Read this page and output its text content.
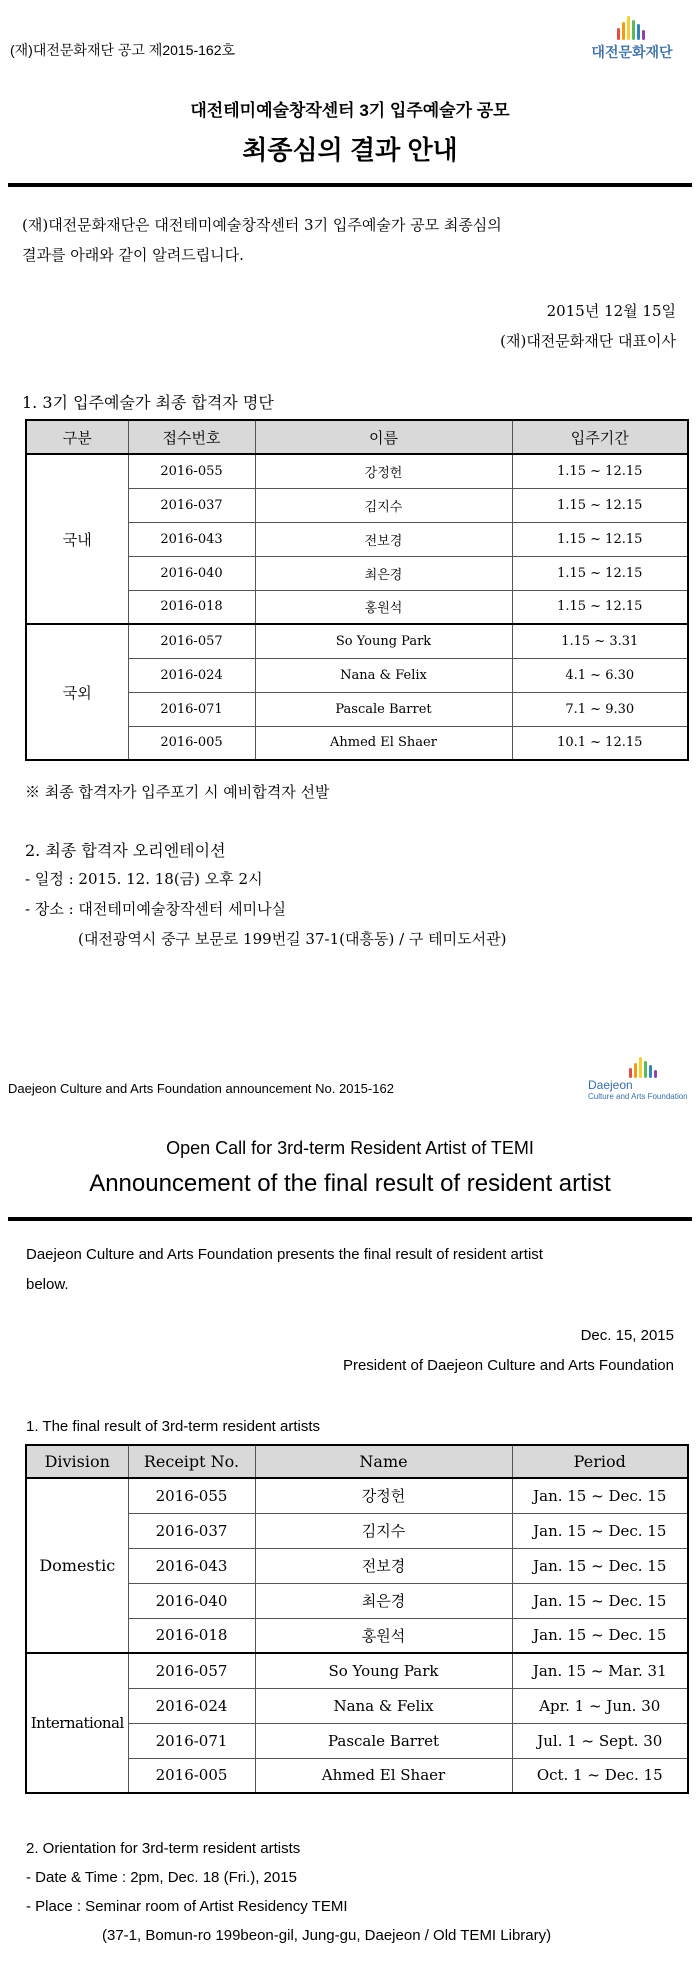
(재)대전문화재단 공고 제2015-162호	대전문화재단
대전테미예술창작센터 3기 입주예술가 공모
최종심의 결과 안내
(재)대전문화재단은 대전테미예술창작센터 3기 입주예술가 공모 최종심의
결과를 아래와 같이 알려드립니다.
2015년 12월 15일
(재)대전문화재단 대표이사
1. 3기 입주예술가 최종 합격자 명단
구분	접수번호	이름	입주기간
국내	2016-055	강정헌	1.15 ~ 12.15
	2016-037	김지수	1.15 ~ 12.15
	2016-043	전보경	1.15 ~ 12.15
	2016-040	최은경	1.15 ~ 12.15
	2016-018	홍원석	1.15 ~ 12.15
국외	2016-057	So Young Park	1.15 ~ 3.31
	2016-024	Nana & Felix	4.1 ~ 6.30
	2016-071	Pascale Barret	7.1 ~ 9.30
	2016-005	Ahmed El Shaer	10.1 ~ 12.15
※ 최종 합격자가 입주포기 시 예비합격자 선발
2. 최종 합격자 오리엔테이션
- 일정 : 2015. 12. 18(금) 오후 2시
- 장소 : 대전테미예술창작센터 세미나실
(대전광역시 중구 보문로 199번길 37-1(대흥동) / 구 테미도서관)
Daejeon Culture and Arts Foundation announcement No. 2015-162	Daejeon
Culture and Arts Foundation
Open Call for 3rd-term Resident Artist of TEMI
Announcement of the final result of resident artist
Daejeon Culture and Arts Foundation presents the final result of resident artist
below.
Dec. 15, 2015
President of Daejeon Culture and Arts Foundation
1. The final result of 3rd-term resident artists
Division	Receipt No.	Name	Period
Domestic	2016-055	강정헌	Jan. 15 ~ Dec. 15
	2016-037	김지수	Jan. 15 ~ Dec. 15
	2016-043	전보경	Jan. 15 ~ Dec. 15
	2016-040	최은경	Jan. 15 ~ Dec. 15
	2016-018	홍원석	Jan. 15 ~ Dec. 15
International	2016-057	So Young Park	Jan. 15 ~ Mar. 31
	2016-024	Nana & Felix	Apr. 1 ~ Jun. 30
	2016-071	Pascale Barret	Jul. 1 ~ Sept. 30
	2016-005	Ahmed El Shaer	Oct. 1 ~ Dec. 15
2. Orientation for 3rd-term resident artists
- Date & Time : 2pm, Dec. 18 (Fri.), 2015
- Place : Seminar room of Artist Residency TEMI
(37-1, Bomun-ro 199beon-gil, Jung-gu, Daejeon / Old TEMI Library)
